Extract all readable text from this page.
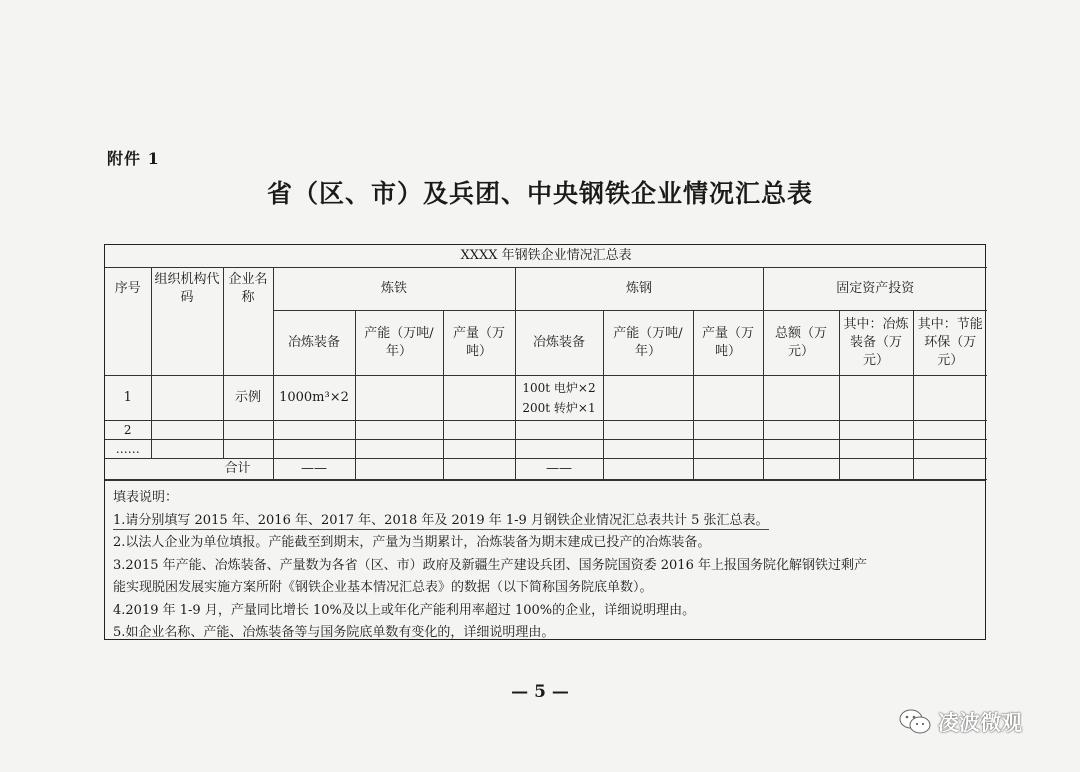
附件 1
省（区、市）及兵团、中央钢铁企业情况汇总表
XXXX 年钢铁企业情况汇总表											
序号	组织机构代码	企业名称	炼铁			炼钢			固定资产投资		
			冶炼装备	产能（万吨/年）	产量（万吨）	冶炼装备	产能（万吨/年）	产量（万吨）	总额（万元）	其中：冶炼装备（万元）	其中：节能环保（万元）
1		示例	1000m³×2			100t 电炉×2
200t 转炉×1					

2											
……											
合计			——			——					
填表说明：
1.请分别填写 2015 年、2016 年、2017 年、2018 年及 2019 年 1-9 月钢铁企业情况汇总表共计 5 张汇总表。
2.以法人企业为单位填报。产能截至到期末，产量为当期累计，冶炼装备为期末建成已投产的冶炼装备。
3.2015 年产能、冶炼装备、产量数为各省（区、市）政府及新疆生产建设兵团、国务院国资委 2016 年上报国务院化解钢铁过剩产
能实现脱困发展实施方案所附《钢铁企业基本情况汇总表》的数据（以下简称国务院底单数）。
4.2019 年 1-9 月，产量同比增长 10%及以上或年化产能利用率超过 100%的企业，详细说明理由。
5.如企业名称、产能、冶炼装备等与国务院底单数有变化的，详细说明理由。
— 5 —
凌波微观
